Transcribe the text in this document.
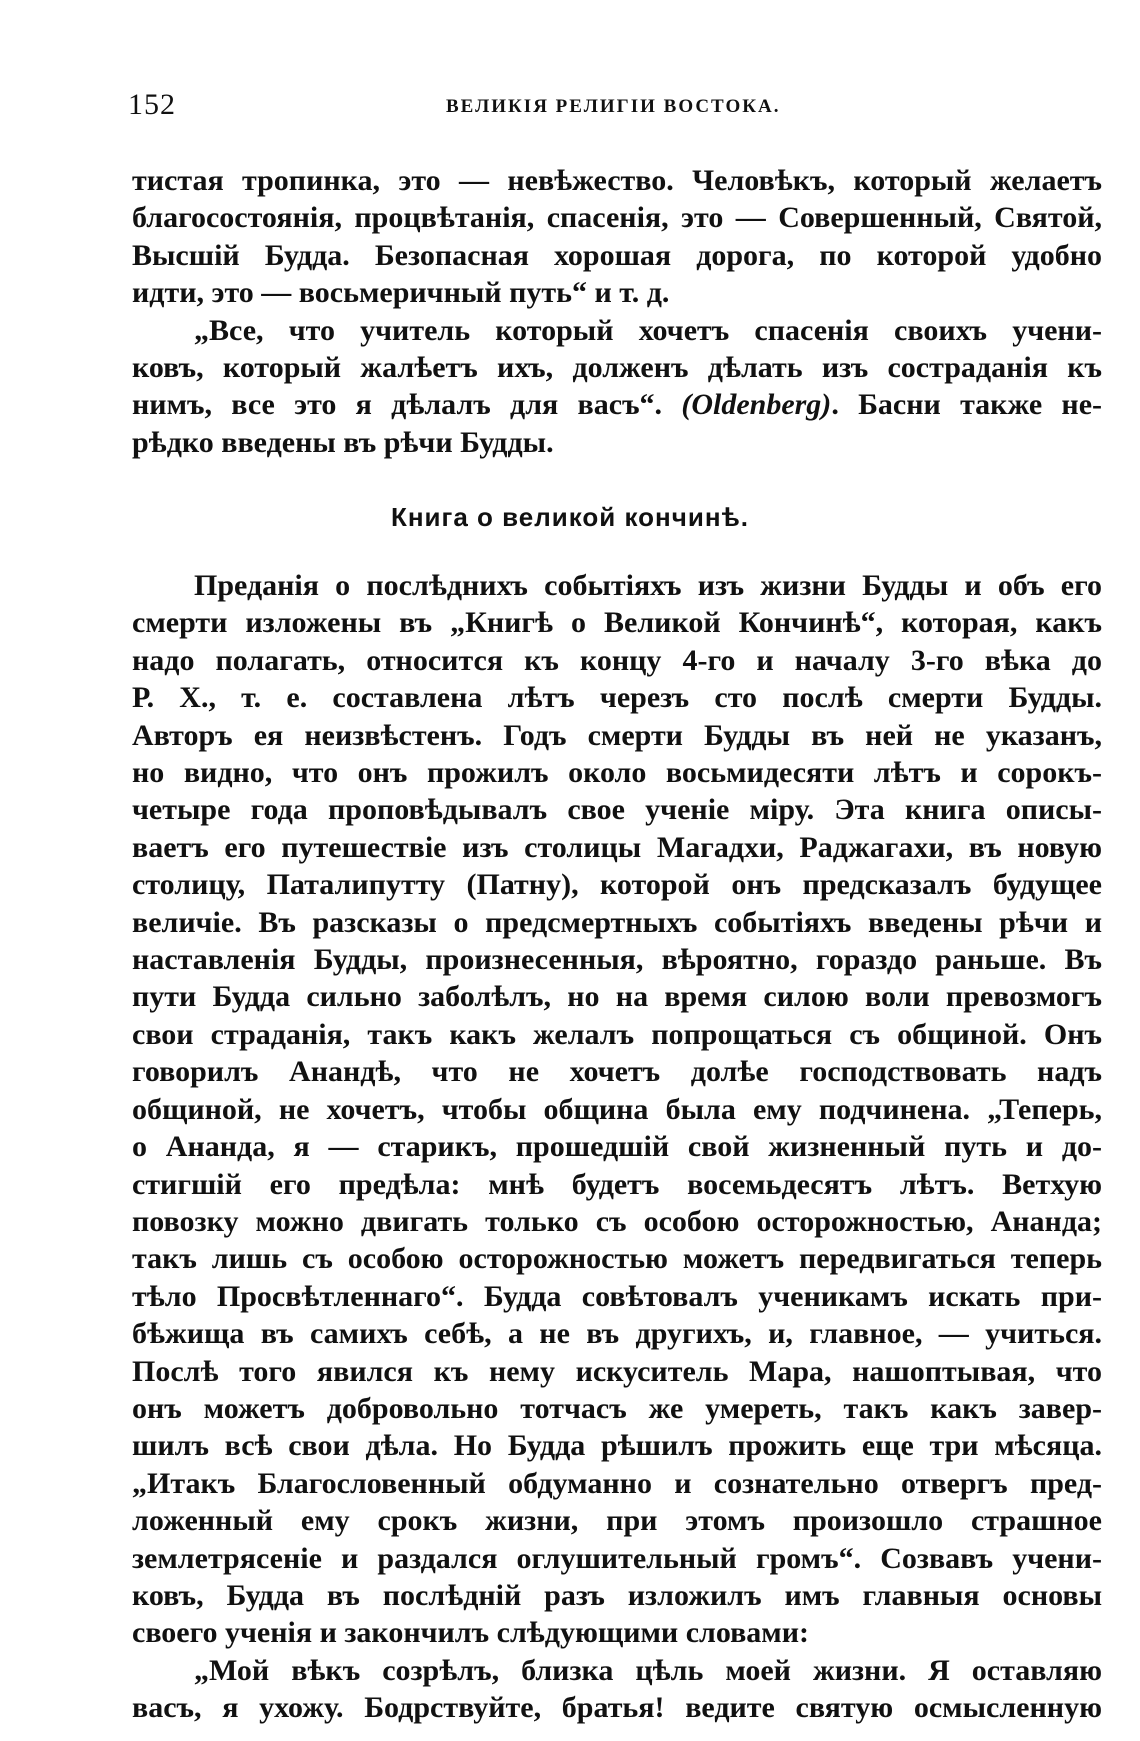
152	ВЕЛИКІЯ РЕЛИГІИ ВОСТОКА.
тистая тропинка, это — невѣжество. Человѣкъ, который желаетъ
благосостоянія, процвѣтанія, спасенія, это — Совершенный, Святой,
Высшій Будда. Безопасная хорошая дорога, по которой удобно
идти, это — восьмеричный путь“ и т. д.
„Все, что учитель который хочетъ спасенія своихъ учени-
ковъ, который жалѣетъ ихъ, долженъ дѣлать изъ состраданія къ
нимъ, все это я дѣлалъ для васъ“. (Oldenberg). Басни также не-
рѣдко введены въ рѣчи Будды.
Книга о великой кончинѣ.
Преданія о послѣднихъ событіяхъ изъ жизни Будды и объ его
смерти изложены въ „Книгѣ о Великой Кончинѣ“, которая, какъ
надо полагать, относится къ концу 4-го и началу 3-го вѣка до
Р. Х., т. е. составлена лѣтъ черезъ сто послѣ смерти Будды.
Авторъ ея неизвѣстенъ. Годъ смерти Будды въ ней не указанъ,
но видно, что онъ прожилъ около восьмидесяти лѣтъ и сорокъ-
четыре года проповѣдывалъ свое ученіе міру. Эта книга описы-
ваетъ его путешествіе изъ столицы Магадхи, Раджагахи, въ новую
столицу, Паталипутту (Патну), которой онъ предсказалъ будущее
величіе. Въ разсказы о предсмертныхъ событіяхъ введены рѣчи и
наставленія Будды, произнесенныя, вѣроятно, гораздо раньше. Въ
пути Будда сильно заболѣлъ, но на время силою воли превозмогъ
свои страданія, такъ какъ желалъ попрощаться съ общиной. Онъ
говорилъ Анандѣ, что не хочетъ долѣе господствовать надъ
общиной, не хочетъ, чтобы община была ему подчинена. „Теперь,
о Ананда, я — старикъ, прошедшій свой жизненный путь и до-
стигшій его предѣла: мнѣ будетъ восемьдесятъ лѣтъ. Ветхую
повозку можно двигать только съ особою осторожностью, Ананда;
такъ лишь съ особою осторожностью можетъ передвигаться теперь
тѣло Просвѣтленнаго“. Будда совѣтовалъ ученикамъ искать при-
бѣжища въ самихъ себѣ, а не въ другихъ, и, главное, — учиться.
Послѣ того явился къ нему искуситель Мара, нашоптывая, что
онъ можетъ добровольно тотчасъ же умереть, такъ какъ завер-
шилъ всѣ свои дѣла. Но Будда рѣшилъ прожить еще три мѣсяца.
„Итакъ Благословенный обдуманно и сознательно отвергъ пред-
ложенный ему срокъ жизни, при этомъ произошло страшное
землетрясеніе и раздался оглушительный громъ“. Созвавъ учени-
ковъ, Будда въ послѣдній разъ изложилъ имъ главныя основы
своего ученія и закончилъ слѣдующими словами:
„Мой вѣкъ созрѣлъ, близка цѣль моей жизни. Я оставляю
васъ, я ухожу. Бодрствуйте, братья! ведите святую осмысленную
